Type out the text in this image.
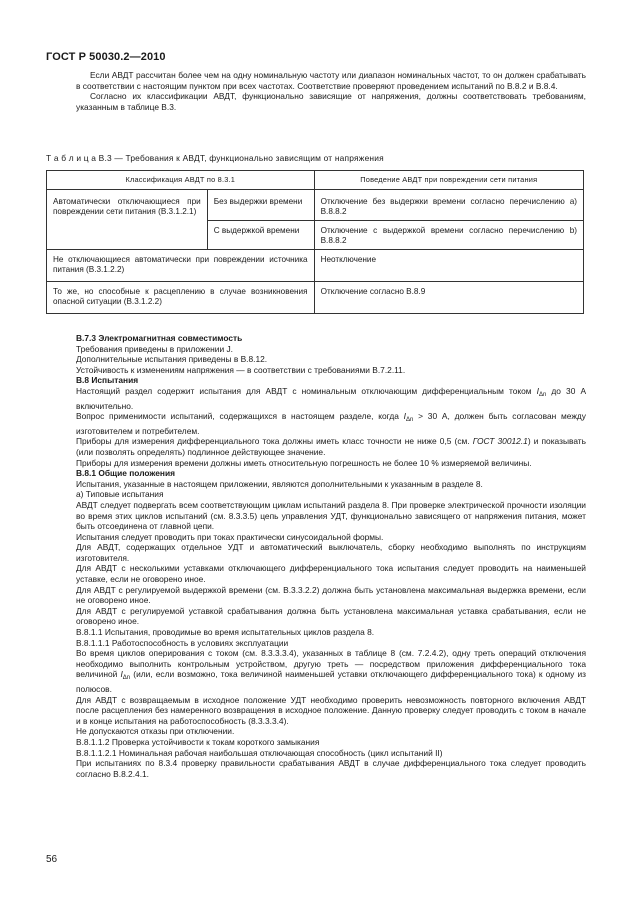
ГОСТ Р 50030.2—2010

Если АВДТ рассчитан более чем на одну номинальную частоту или диапазон номинальных частот, то он должен срабатывать в соответствии с настоящим пунктом при всех частотах. Соответствие проверяют проведением испытаний по В.8.2 и В.8.4.

Согласно их классификации АВДТ, функционально зависящие от напряжения, должны соответствовать требованиям, указанным в таблице В.3.

Т а б л и ц а В.3 — Требования к АВДТ, функционально зависящим от напряжения
Классификация АВДТ по 8.3.1		Поведение АВДТ при повреждении сети питания
Автоматически отключающиеся при повреждении сети питания (В.3.1.2.1)	Без выдержки времени	Отключение без выдержки времени согласно перечислению а) В.8.8.2
	С выдержкой времени	Отключение с выдержкой времени согласно перечислению b) В.8.8.2
Не отключающиеся автоматически при повреждении источника питания (В.3.1.2.2)		Неотключение
То же, но способные к расцеплению в случае возникновения опасной ситуации (В.3.1.2.2)		Отключение согласно В.8.9

В.7.3 Электромагнитная совместимость

Требования приведены в приложении J.

Дополнительные испытания приведены в В.8.12.

Устойчивость к изменениям напряжения — в соответствии с требованиями В.7.2.11.

В.8 Испытания

Настоящий раздел содержит испытания для АВДТ с номинальным отключающим дифференциальным током $I_{\Delta n}$ до 30 А включительно.

Вопрос применимости испытаний, содержащихся в настоящем разделе, когда $I_{\Delta n} > 30$ А, должен быть согласован между изготовителем и потребителем.

Приборы для измерения дифференциального тока должны иметь класс точности не ниже 0,5 (см. ГОСТ 30012.1) и показывать (или позволять определять) подлинное действующее значение.

Приборы для измерения времени должны иметь относительную погрешность не более 10 % измеряемой величины.

В.8.1 Общие положения

Испытания, указанные в настоящем приложении, являются дополнительными к указанным в разделе 8.

а) Типовые испытания

АВДТ следует подвергать всем соответствующим циклам испытаний раздела 8. При проверке электрической прочности изоляции во время этих циклов испытаний (см. 8.3.3.5) цепь управления УДТ, функционально зависящего от напряжения питания, может быть отсоединена от главной цепи.

Испытания следует проводить при токах практически синусоидальной формы.

Для АВДТ, содержащих отдельное УДТ и автоматический выключатель, сборку необходимо выполнять по инструкциям изготовителя.

Для АВДТ с несколькими уставками отключающего дифференциального тока испытания следует проводить на наименьшей уставке, если не оговорено иное.

Для АВДТ с регулируемой выдержкой времени (см. В.3.3.2.2) должна быть установлена максимальная выдержка времени, если не оговорено иное.

Для АВДТ с регулируемой уставкой срабатывания должна быть установлена максимальная уставка срабатывания, если не оговорено иное.

В.8.1.1 Испытания, проводимые во время испытательных циклов раздела 8.

В.8.1.1.1 Работоспособность в условиях эксплуатации

Во время циклов оперирования с током (см. 8.3.3.3.4), указанных в таблице 8 (см. 7.2.4.2), одну треть операций отключения необходимо выполнить контрольным устройством, другую треть — посредством приложения дифференциального тока величиной $I_{\Delta n}$ (или, если возможно, тока величиной наименьшей уставки отключающего дифференциального тока) к одному из полюсов.

Для АВДТ с возвращаемым в исходное положение УДТ необходимо проверить невозможность повторного включения АВДТ после расцепления без намеренного возвращения в исходное положение. Данную проверку следует проводить с током в начале и в конце испытания на работоспособность (8.3.3.3.4).

Не допускаются отказы при отключении.

В.8.1.1.2 Проверка устойчивости к токам короткого замыкания

В.8.1.1.2.1 Номинальная рабочая наибольшая отключающая способность (цикл испытаний II)

При испытаниях по 8.3.4 проверку правильности срабатывания АВДТ в случае дифференциального тока следует проводить согласно В.8.2.4.1.

56
